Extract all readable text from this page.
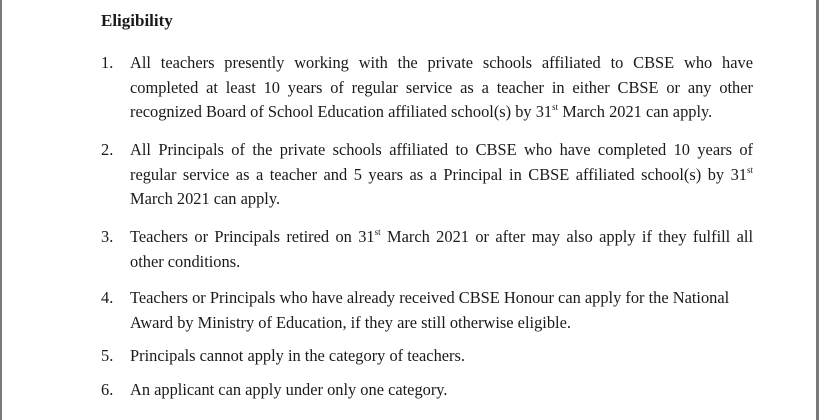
Eligibility
1.	All teachers presently working with the private schools affiliated to CBSE who have completed at least 10 years of regular service as a teacher in either CBSE or any other recognized Board of School Education affiliated school(s) by 31st March 2021 can apply.
2.	All Principals of the private schools affiliated to CBSE who have completed 10 years of regular service as a teacher and 5 years as a Principal in CBSE affiliated school(s) by 31st March 2021 can apply.
3.	Teachers or Principals retired on 31st March 2021 or after may also apply if they fulfill all other conditions.
4.	Teachers or Principals who have already received CBSE Honour can apply for the National Award by Ministry of Education, if they are still otherwise eligible.
5.	Principals cannot apply in the category of teachers.
6.	An applicant can apply under only one category.
